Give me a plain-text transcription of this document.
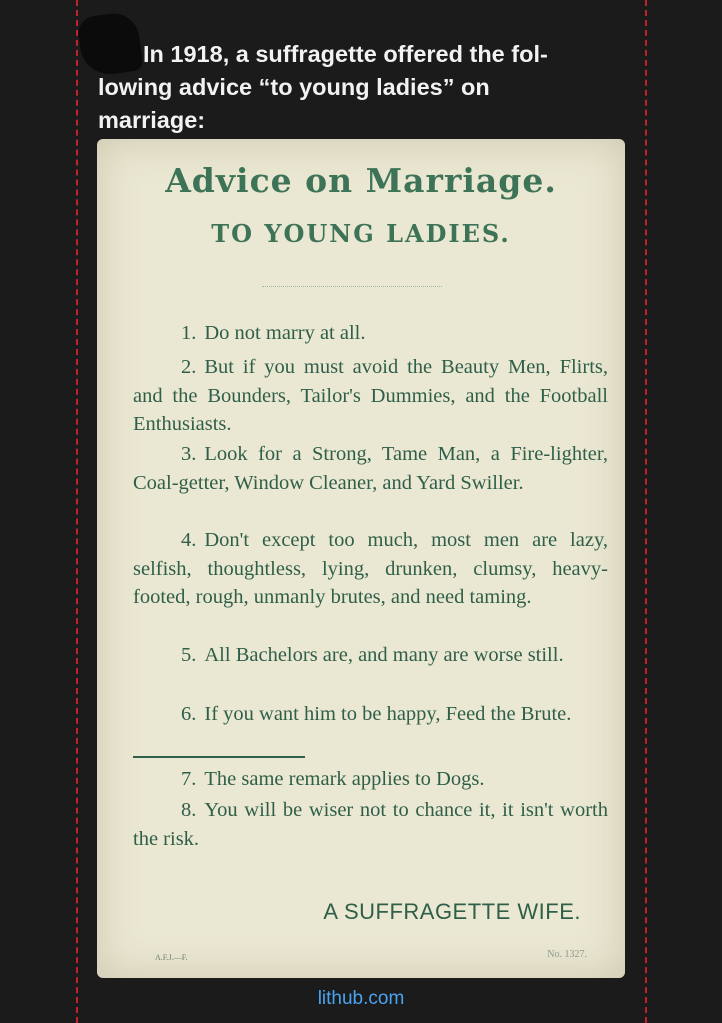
In 1918, a suffragette offered the fol-
lowing advice “to young ladies” on
marriage:

Advice on Marriage.

TO YOUNG LADIES.

1. Do not marry at all.

2. But if you must avoid the Beauty Men, Flirts, and the Bounders, Tailor's Dummies, and the Football Enthusiasts.

3. Look for a Strong, Tame Man, a Fire-lighter, Coal-getter, Window Cleaner, and Yard Swiller.

4. Don't except too much, most men are lazy, selfish, thoughtless, lying, drunken, clumsy, heavy-footed, rough, unmanly brutes, and need taming.

5. All Bachelors are, and many are worse still.

6. If you want him to be happy, Feed the Brute.

7. The same remark applies to Dogs.

8. You will be wiser not to chance it, it isn't worth the risk.

A SUFFRAGETTE WIFE.

A.F.J.—F.	No. 1327.
lithub.com
